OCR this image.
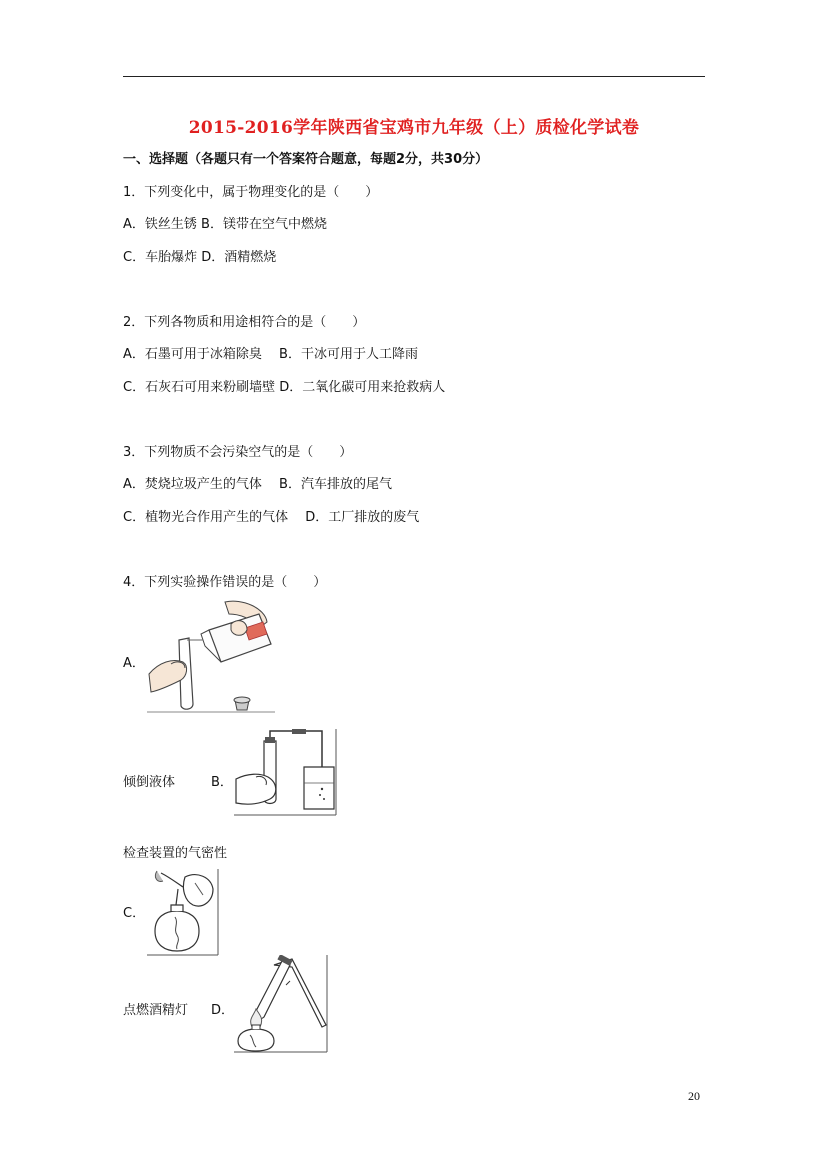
2015-2016学年陕西省宝鸡市九年级（上）质检化学试卷
一、选择题（各题只有一个答案符合题意，每题2分，共30分）
1．下列变化中，属于物理变化的是（　　）
A．铁丝生锈 B．镁带在空气中燃烧
C．车胎爆炸 D．酒精燃烧
2．下列各物质和用途相符合的是（　　）
A．石墨可用于冰箱除臭　 B．干冰可用于人工降雨
C．石灰石可用来粉刷墙壁 D．二氧化碳可用来抢救病人
3．下列物质不会污染空气的是（　　）
A．焚烧垃圾产生的气体　 B．汽车排放的尾气
C．植物光合作用产生的气体　 D．工厂排放的废气
4．下列实验操作错误的是（　　）
A．
倾倒液体	B．
检查装置的气密性
C．
点燃酒精灯 D．
20
